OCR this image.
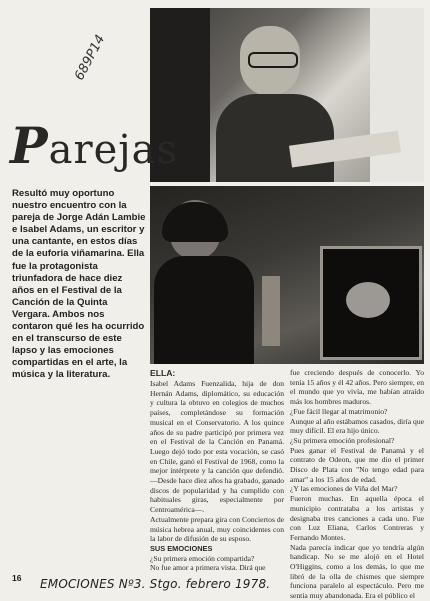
689P14
Parejas

Resultó muy oportuno nuestro encuentro con la pareja de Jorge Adán Lambie e Isabel Adams, un escritor y una cantante, en estos días de la euforia viñamarina. Ella fue la protagonista triunfadora de hace diez años en el Festival de la Canción de la Quinta Vergara. Ambos nos contaron qué les ha ocurrido en el transcurso de este lapso y las emociones compartidas en el arte, la música y la literatura.	ELLA:

Isabel Adams Fuenzalida, hija de don Hernán Adams, diplomático, su educación y cultura la obtuvo en colegios de muchos países, completándose su formación musical en el Conservatorio. A los quince años de su padre participó por primera vez en el Festival de la Canción en Panamá. Luego dejó todo por esta vocación, se casó en Chile, ganó el Festival de 1968, como la mejor intérprete y la canción que defendió. —Desde hace diez años ha grabado, ganado discos de popularidad y ha cumplido con habituales giras, especialmente por Centroamérica—.

Actualmente prepara gira con Conciertos de música hebrea anual, muy coincidentes con la labor de difusión de su esposo.

SUS EMOCIONES

¿Su primera emoción compartida?

No fue amor a primera vista. Dirá que

fue creciendo después de conocerlo. Yo tenía 15 años y él 42 años. Pero siempre, en el mundo que yo vivía, me habían atraído más los hombres maduros.

¿Fue fácil llegar al matrimonio?

Aunque al año estábamos casados, diría que muy difícil. El era hijo único.

¿Su primera emoción profesional?

Pues ganar el Festival de Panamá y el contrato de Odeon, que me dio el primer Disco de Plata con "No tengo edad para amar" a los 15 años de edad.

¿Y las emociones de Viña del Mar?

Fueron muchas. En aquella época el municipio contrataba a los artistas y designaba tres canciones a cada uno. Fue con Luz Eliana, Carlos Contreras y Fernando Montes.

Nada parecía indicar que yo tendría algún handicap. No se me alojó en el Hotel O'Higgins, como a los demás, lo que me libró de la olla de chismes que siempre funciona paralelo al espectáculo. Pero me sentía muy abandonada. Era el público el

16 EMOCIONES Nº3. Stgo. febrero 1978.
